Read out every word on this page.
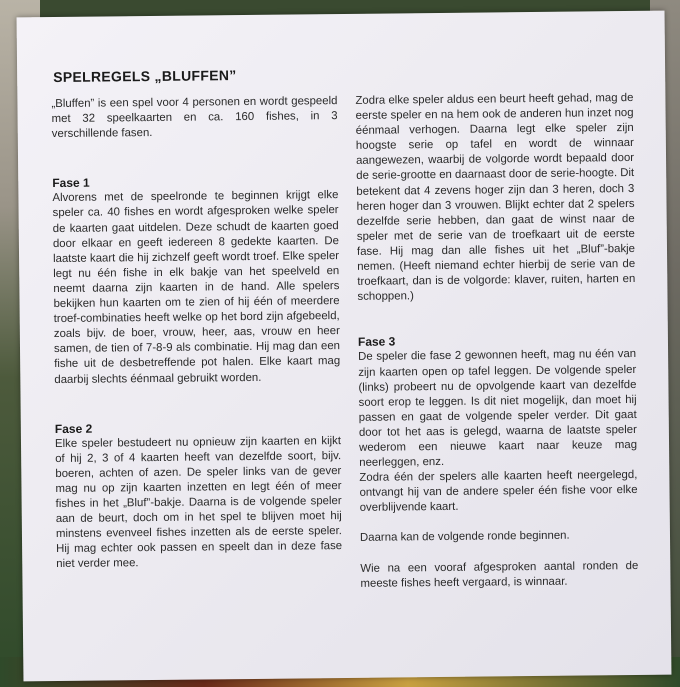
SPELREGELS „BLUFFEN”

„Bluffen” is een spel voor 4 personen en wordt gespeeld met 32 speelkaarten en ca. 160 fishes, in 3 verschillende fasen.

Fase 1

Alvorens met de speelronde te beginnen krijgt elke speler ca. 40 fishes en wordt afgesproken welke speler de kaarten gaat uitdelen. Deze schudt de kaarten goed door elkaar en geeft iedereen 8 gedekte kaarten. De laatste kaart die hij zichzelf geeft wordt troef. Elke speler legt nu één fishe in elk bakje van het speelveld en neemt daarna zijn kaarten in de hand. Alle spelers bekijken hun kaarten om te zien of hij één of meerdere troef-combinaties heeft welke op het bord zijn afgebeeld, zoals bijv. de boer, vrouw, heer, aas, vrouw en heer samen, de tien of 7-8-9 als combinatie. Hij mag dan een fishe uit de desbetreffende pot halen. Elke kaart mag daarbij slechts éénmaal gebruikt worden.

Fase 2

Elke speler bestudeert nu opnieuw zijn kaarten en kijkt of hij 2, 3 of 4 kaarten heeft van dezelfde soort, bijv. boeren, achten of azen. De speler links van de gever mag nu op zijn kaarten inzetten en legt één of meer fishes in het „Bluf”-bakje. Daarna is de volgende speler aan de beurt, doch om in het spel te blijven moet hij minstens evenveel fishes inzetten als de eerste speler. Hij mag echter ook passen en speelt dan in deze fase niet verder mee.

Zodra elke speler aldus een beurt heeft gehad, mag de eerste speler en na hem ook de anderen hun inzet nog éénmaal verhogen. Daarna legt elke speler zijn hoogste serie op tafel en wordt de winnaar aangewezen, waarbij de volgorde wordt bepaald door de serie-grootte en daarnaast door de serie-hoogte. Dit betekent dat 4 zevens hoger zijn dan 3 heren, doch 3 heren hoger dan 3 vrouwen. Blijkt echter dat 2 spelers dezelfde serie hebben, dan gaat de winst naar de speler met de serie van de troefkaart uit de eerste fase. Hij mag dan alle fishes uit het „Bluf”-bakje nemen. (Heeft niemand echter hierbij de serie van de troefkaart, dan is de volgorde: klaver, ruiten, harten en schoppen.)

Fase 3

De speler die fase 2 gewonnen heeft, mag nu één van zijn kaarten open op tafel leggen. De volgende speler (links) probeert nu de opvolgende kaart van dezelfde soort erop te leggen. Is dit niet mogelijk, dan moet hij passen en gaat de volgende speler verder. Dit gaat door tot het aas is gelegd, waarna de laatste speler wederom een nieuwe kaart naar keuze mag neerleggen, enz.

Zodra één der spelers alle kaarten heeft neergelegd, ontvangt hij van de andere speler één fishe voor elke overblijvende kaart.

Daarna kan de volgende ronde beginnen.

Wie na een vooraf afgesproken aantal ronden de meeste fishes heeft vergaard, is winnaar.
